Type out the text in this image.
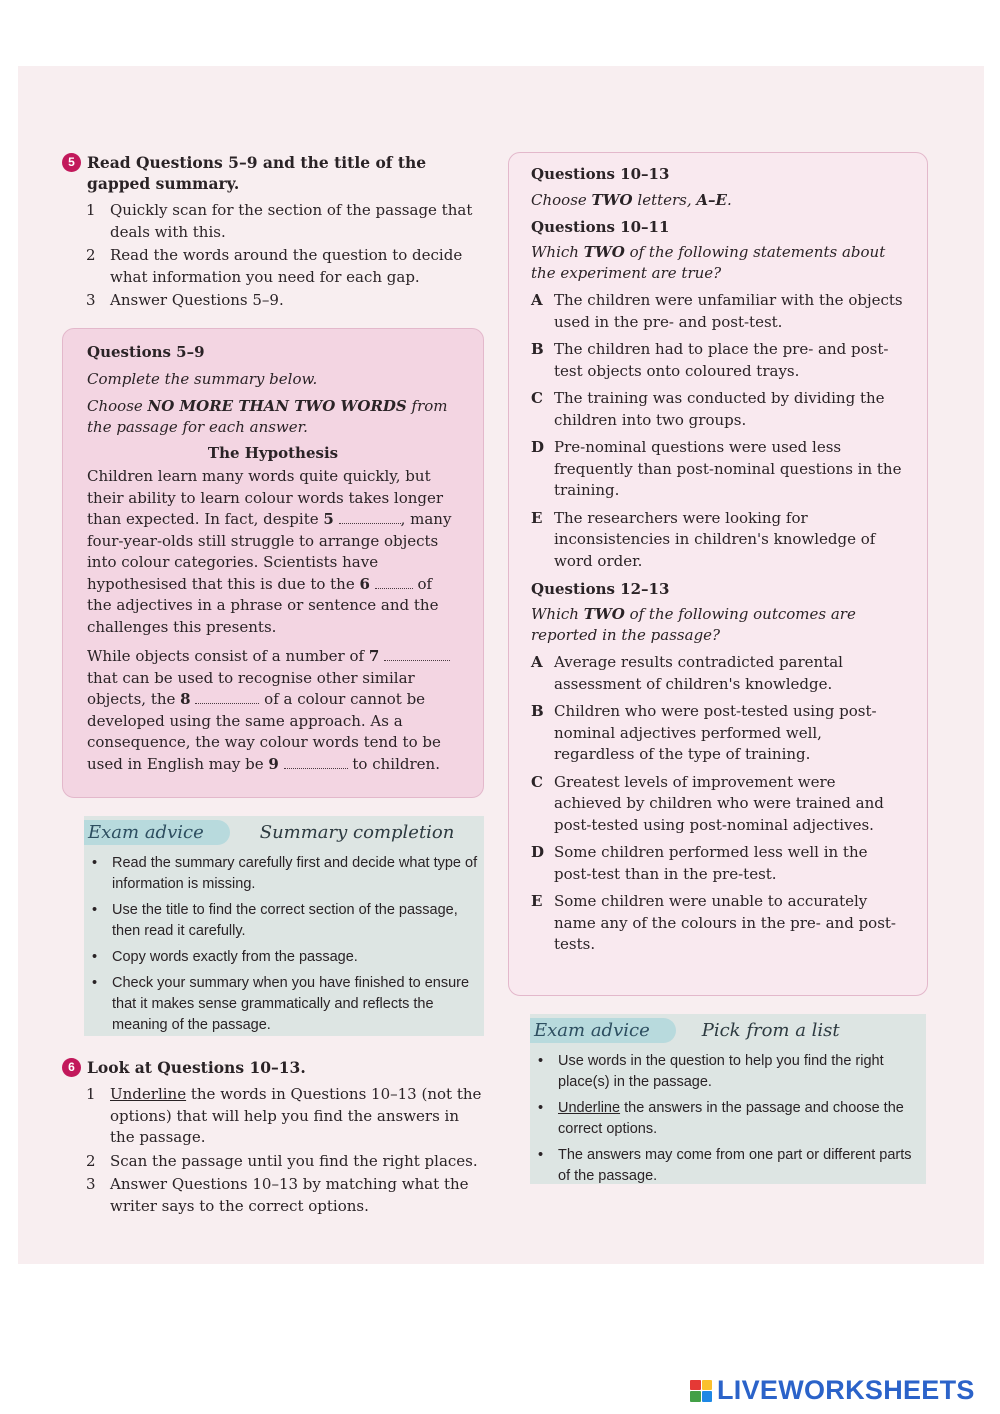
5 Read Questions 5–9 and the title of the gapped summary.
1 Quickly scan for the section of the passage that deals with this.
2 Read the words around the question to decide what information you need for each gap.
3 Answer Questions 5–9.
Questions 5–9
Complete the summary below.
Choose NO MORE THAN TWO WORDS from the passage for each answer.
The Hypothesis
Children learn many words quite quickly, but their ability to learn colour words takes longer than expected. In fact, despite 5	, many four-year-olds still struggle to arrange objects into colour categories. Scientists have hypothesised that this is due to the 6	of the adjectives in a phrase or sentence and the challenges this presents.
While objects consist of a number of 7  that can be used to recognise other similar objects, the 8	of a colour cannot be developed using the same approach. As a consequence, the way colour words tend to be used in English may be 9	to children.
Exam advice	Summary completion
•	Read the summary carefully first and decide what type of information is missing.
•	Use the title to find the correct section of the passage, then read it carefully.
•	Copy words exactly from the passage.
•	Check your summary when you have finished to ensure that it makes sense grammatically and reflects the meaning of the passage.
6 Look at Questions 10–13.
1 Underline the words in Questions 10–13 (not the options) that will help you find the answers in the passage.
2 Scan the passage until you find the right places.
3 Answer Questions 10–13 by matching what the writer says to the correct options.
Questions 10–13
Choose TWO letters, A–E.
Questions 10–11
Which TWO of the following statements about the experiment are true?
A The children were unfamiliar with the objects used in the pre- and post-test.
B The children had to place the pre- and post-test objects onto coloured trays.
C The training was conducted by dividing the children into two groups.
D Pre-nominal questions were used less frequently than post-nominal questions in the training.
E The researchers were looking for inconsistencies in children's knowledge of word order.
Questions 12–13
Which TWO of the following outcomes are reported in the passage?
A Average results contradicted parental assessment of children's knowledge.
B Children who were post-tested using post-nominal adjectives performed well, regardless of the type of training.
C Greatest levels of improvement were achieved by children who were trained and post-tested using post-nominal adjectives.
D Some children performed less well in the post-test than in the pre-test.
E Some children were unable to accurately name any of the colours in the pre- and post-tests.
Exam advice	Pick from a list
•	Use words in the question to help you find the right place(s) in the passage.
•	Underline the answers in the passage and choose the correct options.
•	The answers may come from one part or different parts of the passage.
LIVEWORKSHEETS
